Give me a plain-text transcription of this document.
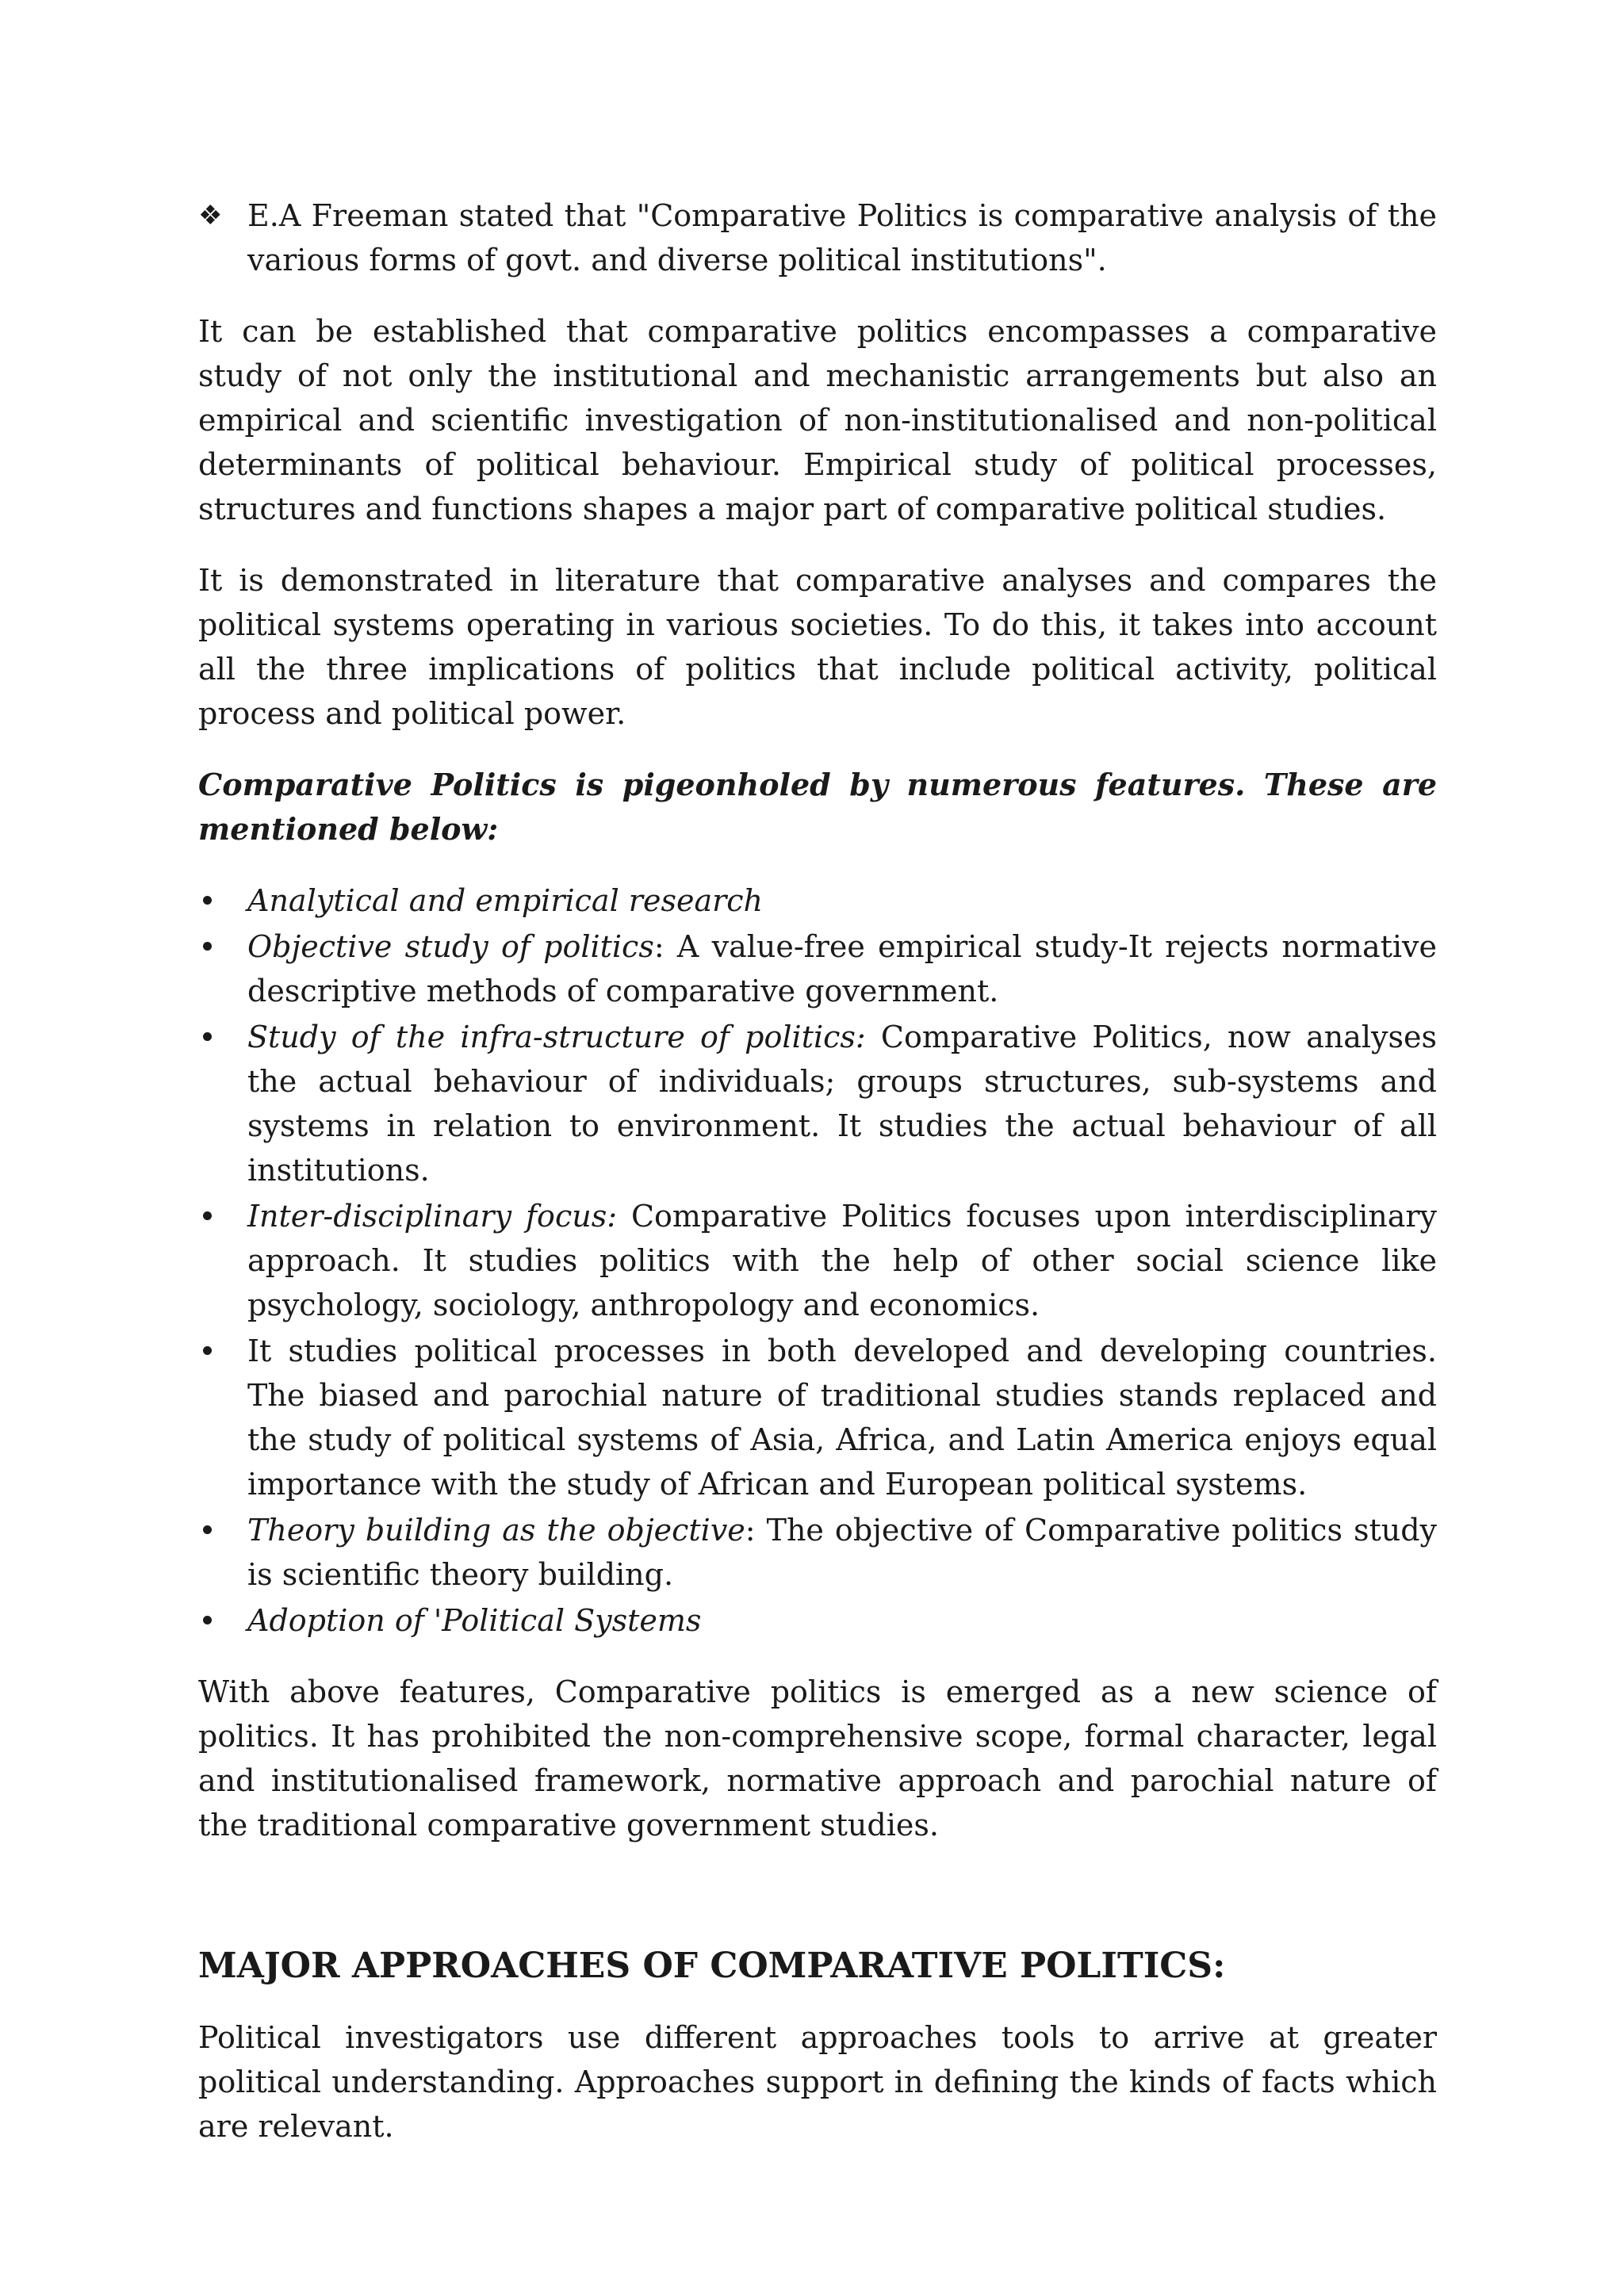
❖ E.A Freeman stated that "Comparative Politics is comparative analysis of the various forms of govt. and diverse political institutions".

It can be established that comparative politics encompasses a comparative study of not only the institutional and mechanistic arrangements but also an empirical and scientific investigation of non-institutionalised and non-political determinants of political behaviour. Empirical study of political processes, structures and functions shapes a major part of comparative political studies.

It is demonstrated in literature that comparative analyses and compares the political systems operating in various societies. To do this, it takes into account all the three implications of politics that include political activity, political process and political power.

Comparative Politics is pigeonholed by numerous features. These are mentioned below:

Analytical and empirical research
Objective study of politics: A value-free empirical study-It rejects normative descriptive methods of comparative government.
Study of the infra-structure of politics: Comparative Politics, now analyses the actual behaviour of individuals; groups structures, sub-systems and systems in relation to environment. It studies the actual behaviour of all institutions.
Inter-disciplinary focus: Comparative Politics focuses upon interdisciplinary approach. It studies politics with the help of other social science like psychology, sociology, anthropology and economics.
It studies political processes in both developed and developing countries. The biased and parochial nature of traditional studies stands replaced and the study of political systems of Asia, Africa, and Latin America enjoys equal importance with the study of African and European political systems.
Theory building as the objective: The objective of Comparative politics study is scientific theory building.
Adoption of 'Political Systems

With above features, Comparative politics is emerged as a new science of politics. It has prohibited the non-comprehensive scope, formal character, legal and institutionalised framework, normative approach and parochial nature of the traditional comparative government studies.

MAJOR APPROACHES OF COMPARATIVE POLITICS:

Political investigators use different approaches tools to arrive at greater political understanding. Approaches support in defining the kinds of facts which are relevant.
